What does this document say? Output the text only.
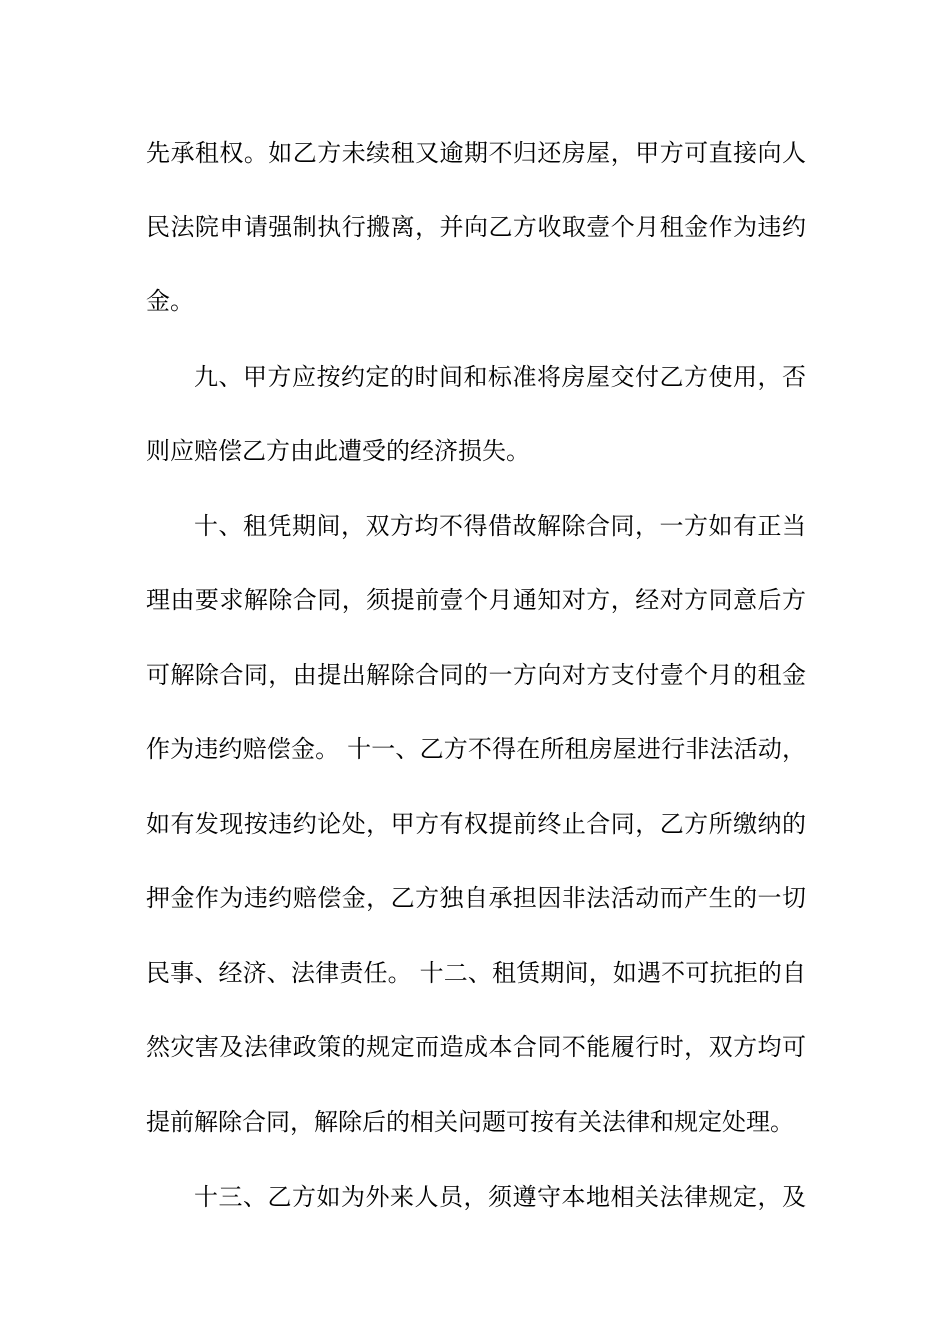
先承租权。如乙方未续租又逾期不归还房屋，甲方可直接向人
民法院申请强制执行搬离，并向乙方收取壹个月租金作为违约
金。
九、甲方应按约定的时间和标准将房屋交付乙方使用，否
则应赔偿乙方由此遭受的经济损失。
十、租凭期间，双方均不得借故解除合同，一方如有正当
理由要求解除合同，须提前壹个月通知对方，经对方同意后方
可解除合同，由提出解除合同的一方向对方支付壹个月的租金
作为违约赔偿金。 十一、乙方不得在所租房屋进行非法活动，
如有发现按违约论处，甲方有权提前终止合同，乙方所缴纳的
押金作为违约赔偿金，乙方独自承担因非法活动而产生的一切
民事、经济、法律责任。 十二、租赁期间，如遇不可抗拒的自
然灾害及法律政策的规定而造成本合同不能履行时，双方均可
提前解除合同，解除后的相关问题可按有关法律和规定处理。
十三、乙方如为外来人员，须遵守本地相关法律规定，及
